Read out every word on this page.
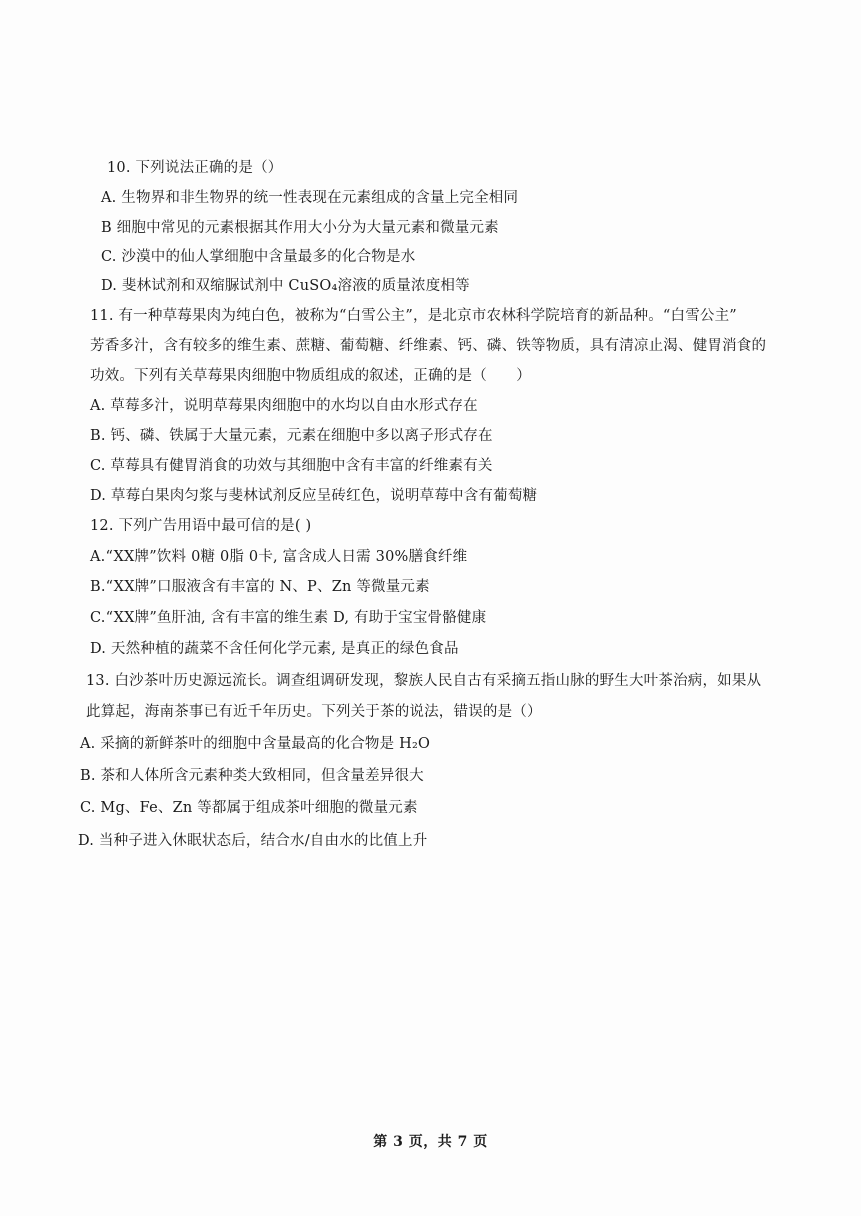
10. 下列说法正确的是（）
A. 生物界和非生物界的统一性表现在元素组成的含量上完全相同
B 细胞中常见的元素根据其作用大小分为大量元素和微量元素
C. 沙漠中的仙人掌细胞中含量最多的化合物是水
D. 斐林试剂和双缩脲试剂中 CuSO₄溶液的质量浓度相等
11. 有一种草莓果肉为纯白色，被称为“白雪公主”，是北京市农林科学院培育的新品种。“白雪公主”
芳香多汁，含有较多的维生素、蔗糖、葡萄糖、纤维素、钙、磷、铁等物质，具有清凉止渴、健胃消食的
功效。下列有关草莓果肉细胞中物质组成的叙述，正确的是（　　）
A. 草莓多汁，说明草莓果肉细胞中的水均以自由水形式存在
B. 钙、磷、铁属于大量元素，元素在细胞中多以离子形式存在
C. 草莓具有健胃消食的功效与其细胞中含有丰富的纤维素有关
D. 草莓白果肉匀浆与斐林试剂反应呈砖红色，说明草莓中含有葡萄糖
12. 下列广告用语中最可信的是( )
A.“XX牌”饮料 0糖 0脂 0卡, 富含成人日需 30%膳食纤维
B.“XX牌”口服液含有丰富的 N、P、Zn 等微量元素
C.“XX牌”鱼肝油, 含有丰富的维生素 D, 有助于宝宝骨骼健康
D. 天然种植的蔬菜不含任何化学元素, 是真正的绿色食品
13. 白沙茶叶历史源远流长。调查组调研发现，黎族人民自古有采摘五指山脉的野生大叶茶治病，如果从
此算起，海南茶事已有近千年历史。下列关于茶的说法，错误的是（）
A. 采摘的新鲜茶叶的细胞中含量最高的化合物是 H₂O
B. 茶和人体所含元素种类大致相同，但含量差异很大
C. Mg、Fe、Zn 等都属于组成茶叶细胞的微量元素
D. 当种子进入休眠状态后，结合水/自由水的比值上升
第 3 页，共 7 页
